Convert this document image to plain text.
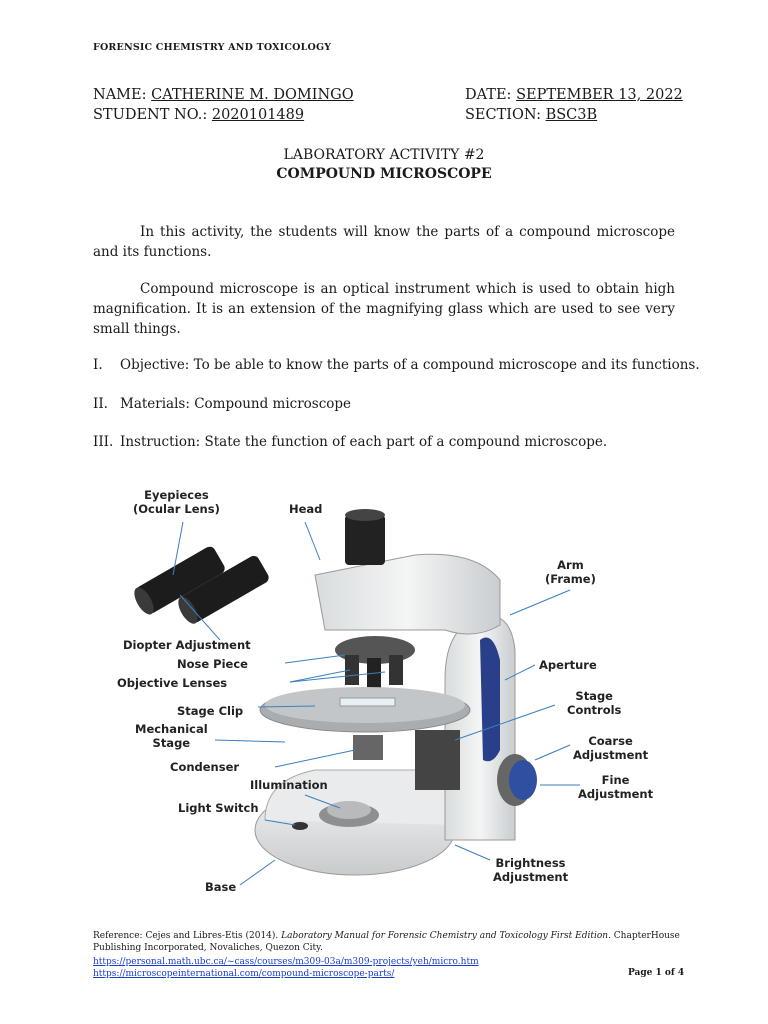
FORENSIC CHEMISTRY AND TOXICOLOGY
NAME: CATHERINE M. DOMINGO	DATE: SEPTEMBER 13, 2022
STUDENT NO.: 2020101489	SECTION: BSC3B
LABORATORY ACTIVITY #2
COMPOUND MICROSCOPE
In this activity, the students will know the parts of a compound microscope and its functions.
Compound microscope is an optical instrument which is used to obtain high magnification. It is an extension of the magnifying glass which are used to see very small things.
I. Objective: To be able to know the parts of a compound microscope and its functions.
II. Materials: Compound microscope
III. Instruction: State the function of each part of a compound microscope.
Eyepieces
(Ocular Lens)	Head
Arm
(Frame)
Diopter Adjustment
Nose Piece
Objective Lenses
Aperture
Stage Clip
Stage
Controls
Mechanical
Stage	Coarse
Adjustment
Condenser
Illumination	Fine
Adjustment
Light Switch
Brightness
Adjustment
Base
Reference: Cejes and Libres-Etis (2014). Laboratory Manual for Forensic Chemistry and Toxicology First Edition. ChapterHouse Publishing Incorporated, Novaliches, Quezon City.
https://personal.math.ubc.ca/~cass/courses/m309-03a/m309-projects/yeh/micro.htm
https://microscopeinternational.com/compound-microscope-parts/	Page 1 of 4
